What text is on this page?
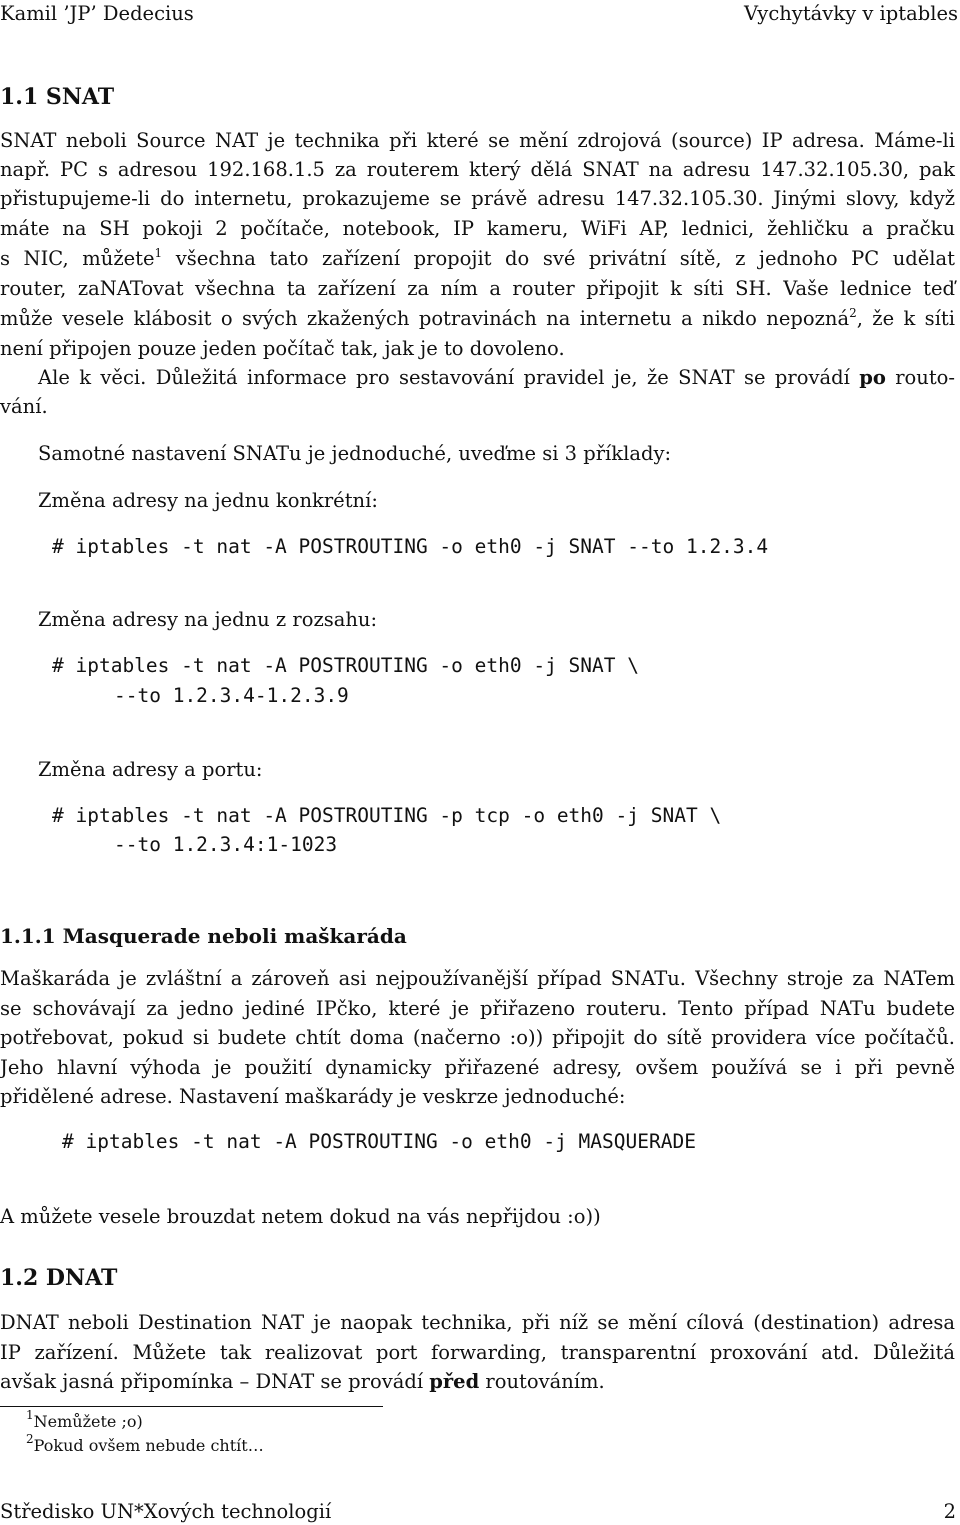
Kamil ’JP’ Dedecius	Vychytávky v iptables
1.1 SNAT
SNAT neboli Source NAT je technika při které se mění zdrojová (source) IP adresa. Máme-li
např. PC s adresou 192.168.1.5 za routerem který dělá SNAT na adresu 147.32.105.30, pak
přistupujeme-li do internetu, prokazujeme se právě adresu 147.32.105.30. Jinými slovy, když
máte na SH pokoji 2 počítače, notebook, IP kameru, WiFi AP, lednici, žehličku a pračku
s NIC, můžete$^1$ všechna tato zařízení propojit do své privátní sítě, z jednoho PC udělat
router, zaNATovat všechna ta zařízení za ním a router připojit k síti SH. Vaše lednice teď
může vesele klábosit o svých zkažených potravinách na internetu a nikdo nepozná$^2$, že k síti
není připojen pouze jeden počítač tak, jak je to dovoleno.
Ale k věci. Důležitá informace pro sestavování pravidel je, že SNAT se provádí po routo-
vání.
Samotné nastavení SNATu je jednoduché, uveďme si 3 příklady:
Změna adresy na jednu konkrétní:
# iptables -t nat -A POSTROUTING -o eth0 -j SNAT --to 1.2.3.4
Změna adresy na jednu z rozsahu:
# iptables -t nat -A POSTROUTING -o eth0 -j SNAT \
--to 1.2.3.4-1.2.3.9
Změna adresy a portu:
# iptables -t nat -A POSTROUTING -p tcp -o eth0 -j SNAT \
--to 1.2.3.4:1-1023
1.1.1 Masquerade neboli maškaráda
Maškaráda je zvláštní a zároveň asi nejpoužívanější případ SNATu. Všechny stroje za NATem
se schovávají za jedno jediné IPčko, které je přiřazeno routeru. Tento případ NATu budete
potřebovat, pokud si budete chtít doma (načerno :o)) připojit do sítě providera více počítačů.
Jeho hlavní výhoda je použití dynamicky přiřazené adresy, ovšem používá se i při pevně
přidělené adrese. Nastavení maškarády je veskrze jednoduché:
# iptables -t nat -A POSTROUTING -o eth0 -j MASQUERADE
A můžete vesele brouzdat netem dokud na vás nepřijdou :o))
1.2 DNAT
DNAT neboli Destination NAT je naopak technika, při níž se mění cílová (destination) adresa
IP zařízení. Můžete tak realizovat port forwarding, transparentní proxování atd. Důležitá
avšak jasná připomínka – DNAT se provádí před routováním.
$^1$Nemůžete ;o)
$^2$Pokud ovšem nebude chtít…
Středisko UN*Xových technologií	2
